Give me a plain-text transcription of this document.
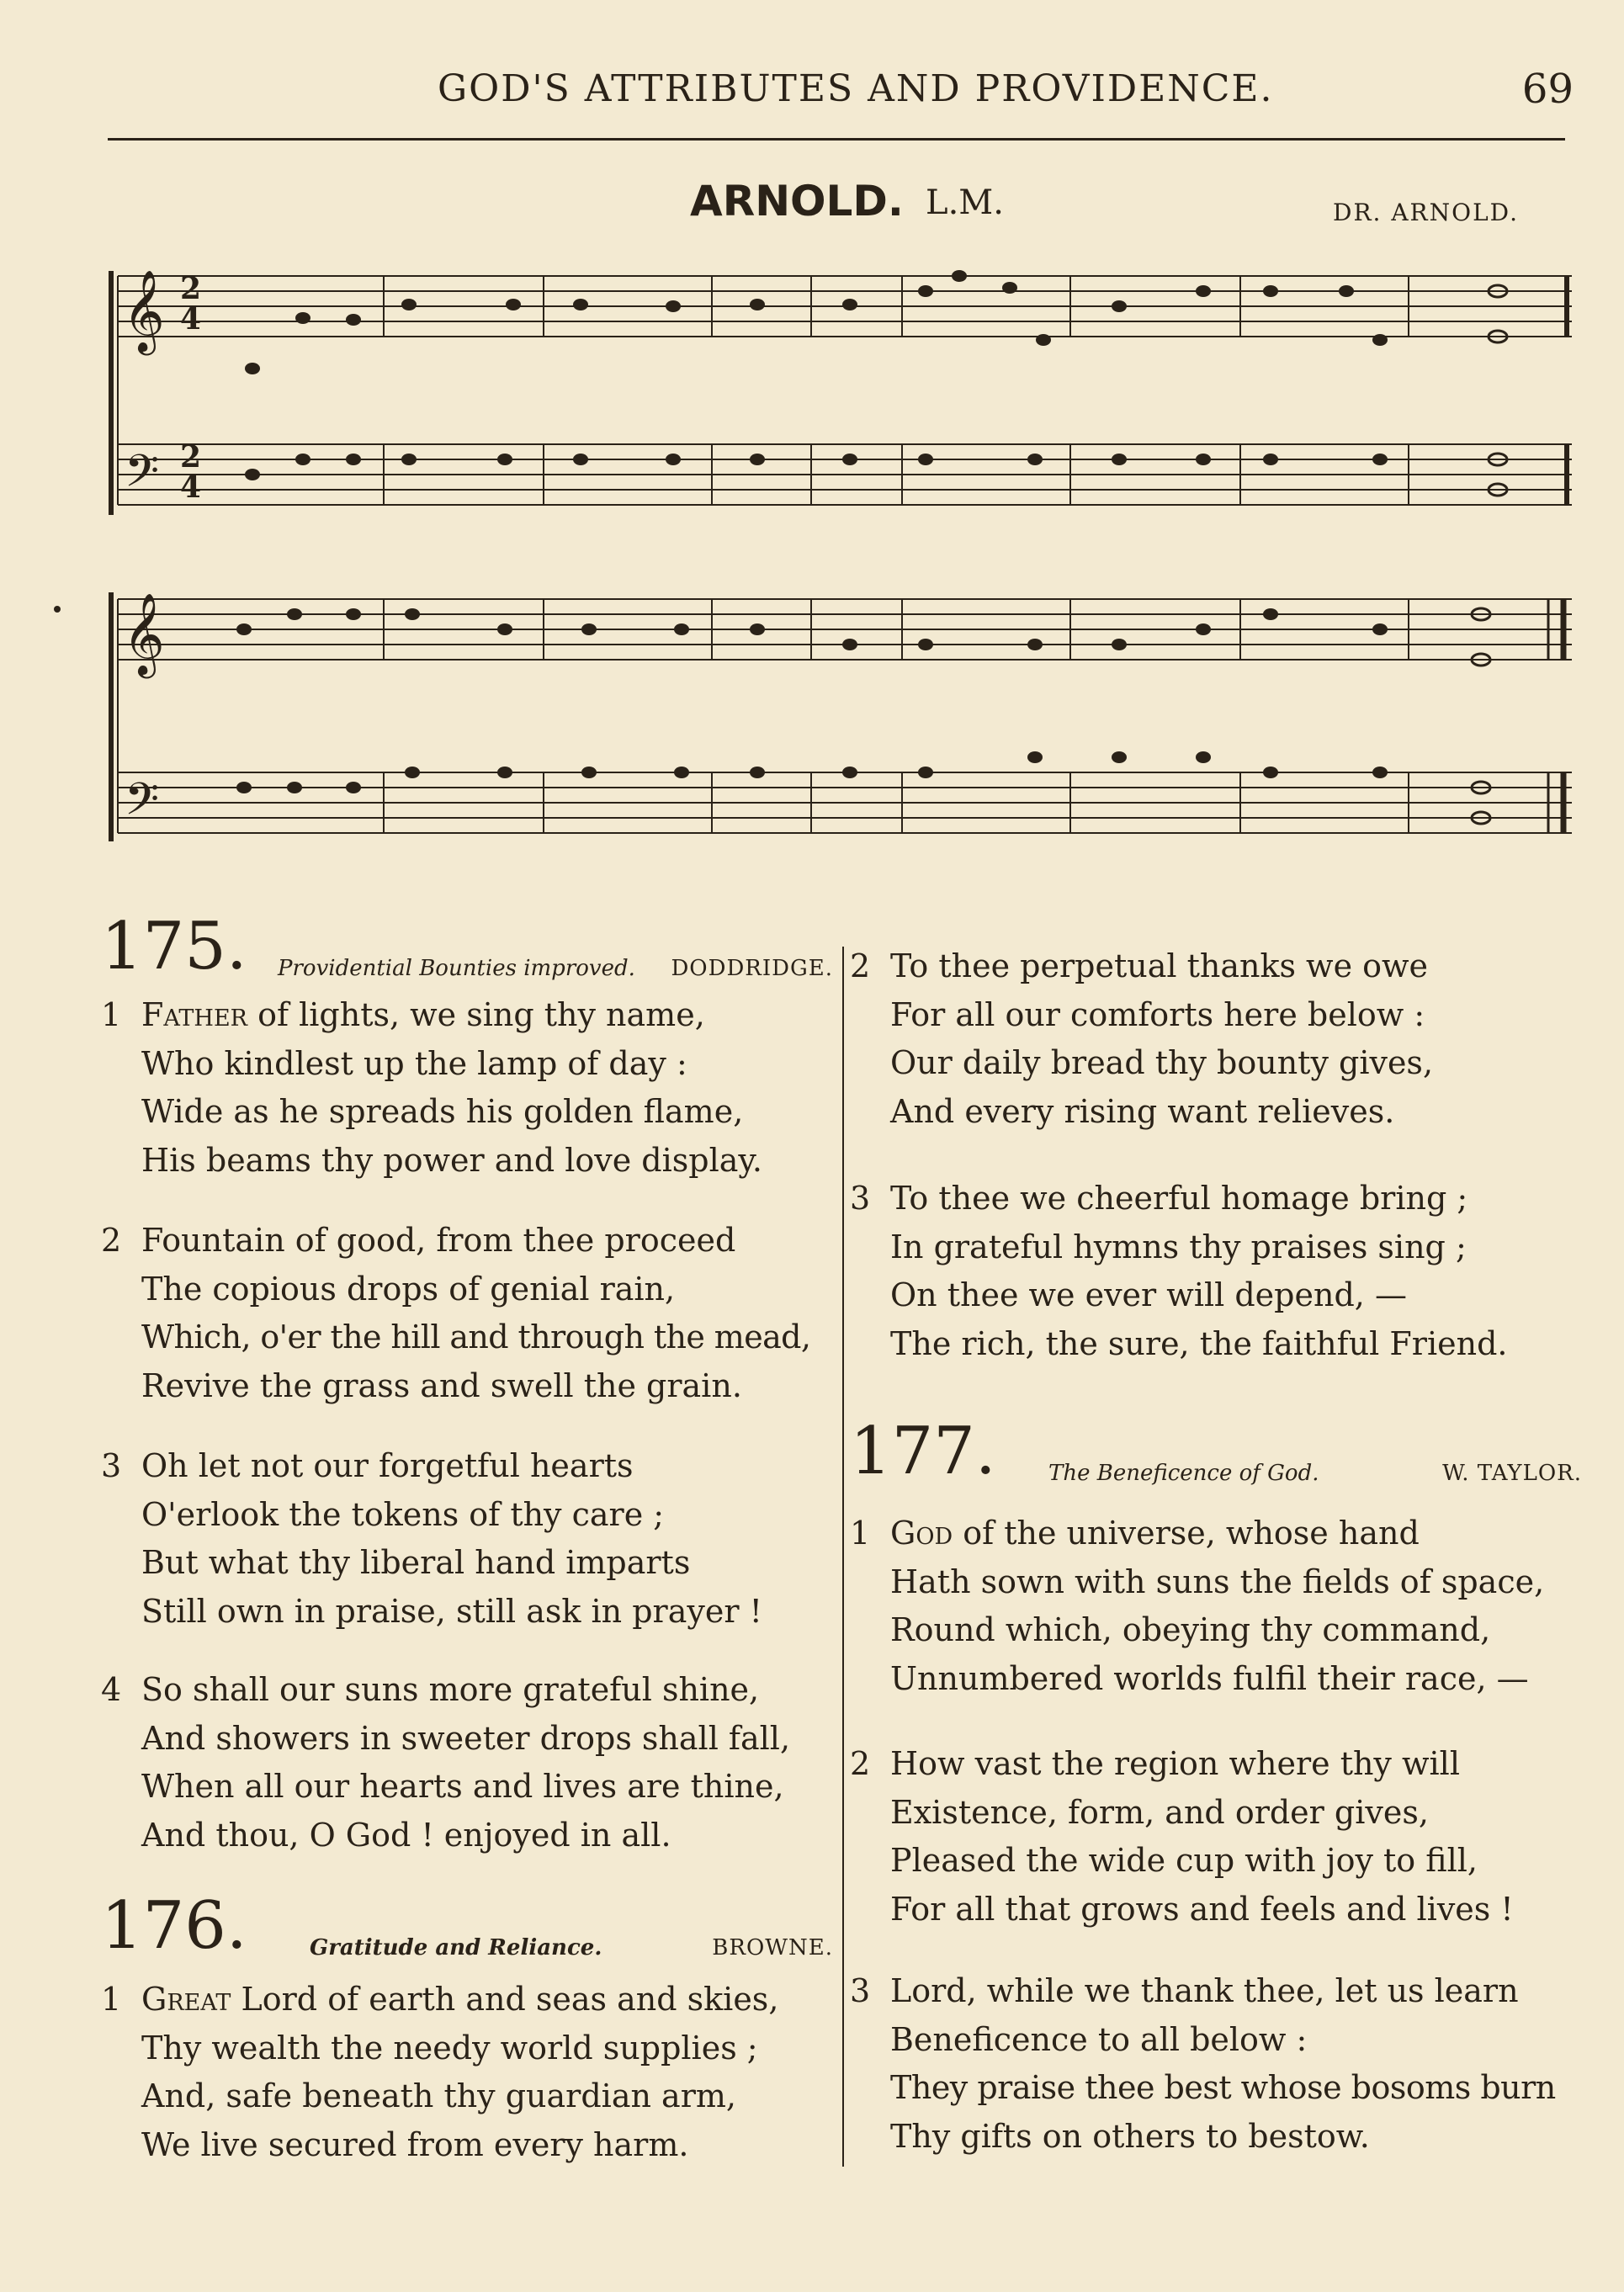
GOD'S ATTRIBUTES AND PROVIDENCE.	69
ARNOLD. L.M.	DR. ARNOLD.
𝄞
𝄢
𝄞
𝄢
2
4
2
4
175. Providential Bounties improved. DODDRIDGE.
1 Father of lights, we sing thy name,
Who kindlest up the lamp of day :
Wide as he spreads his golden flame,
His beams thy power and love display.
2 Fountain of good, from thee proceed
The copious drops of genial rain,
Which, o'er the hill and through the mead,
Revive the grass and swell the grain.
3 Oh let not our forgetful hearts
O'erlook the tokens of thy care ;
But what thy liberal hand imparts
Still own in praise, still ask in prayer !
4 So shall our suns more grateful shine,
And showers in sweeter drops shall fall,
When all our hearts and lives are thine,
And thou, O God ! enjoyed in all.
176.	Gratitude and Reliance.	BROWNE.
1 Great Lord of earth and seas and skies,
Thy wealth the needy world supplies ;
And, safe beneath thy guardian arm,
We live secured from every harm.
2 To thee perpetual thanks we owe
For all our comforts here below :
Our daily bread thy bounty gives,
And every rising want relieves.
3 To thee we cheerful homage bring ;
In grateful hymns thy praises sing ;
On thee we ever will depend, —
The rich, the sure, the faithful Friend.
177. The Beneficence of God.	W. TAYLOR.
1 God of the universe, whose hand
Hath sown with suns the fields of space,
Round which, obeying thy command,
Unnumbered worlds fulfil their race, —
2 How vast the region where thy will
Existence, form, and order gives,
Pleased the wide cup with joy to fill,
For all that grows and feels and lives !
3 Lord, while we thank thee, let us learn
Beneficence to all below :
They praise thee best whose bosoms burn
Thy gifts on others to bestow.
